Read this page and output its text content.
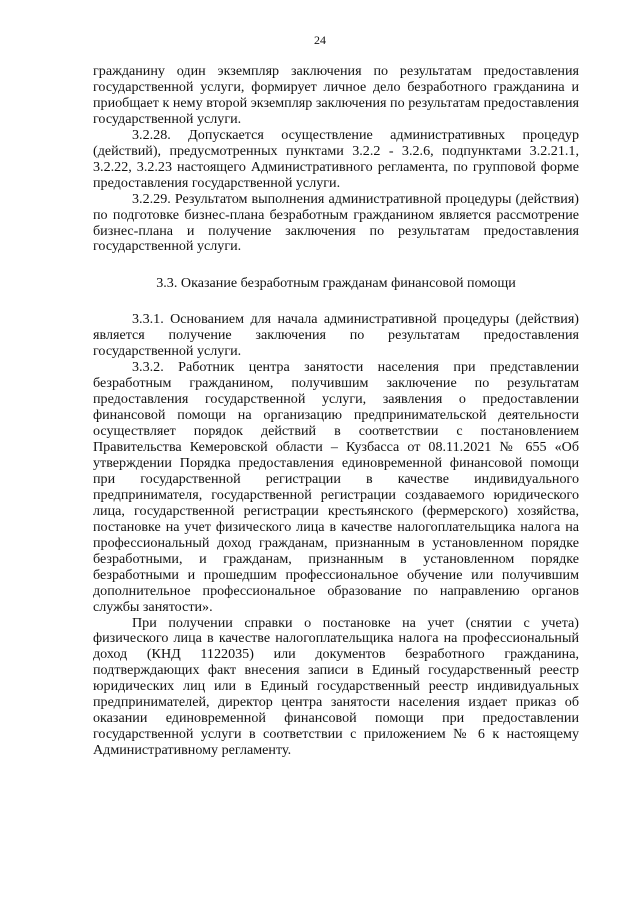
24

гражданину один экземпляр заключения по результатам предоставления государственной услуги, формирует личное дело безработного гражданина и приобщает к нему второй экземпляр заключения по результатам предоставления государственной услуги.

3.2.28. Допускается осуществление административных процедур (действий), предусмотренных пунктами 3.2.2 - 3.2.6, подпунктами 3.2.21.1, 3.2.22, 3.2.23 настоящего Административного регламента, по групповой форме предоставления государственной услуги.

3.2.29. Результатом выполнения административной процедуры (действия) по подготовке бизнес-плана безработным гражданином является рассмотрение бизнес-плана и получение заключения по результатам предоставления государственной услуги.

3.3. Оказание безработным гражданам финансовой помощи

3.3.1. Основанием для начала административной процедуры (действия) является получение заключения по результатам предоставления государственной услуги.

3.3.2. Работник центра занятости населения при представлении безработным гражданином, получившим заключение по результатам предоставления государственной услуги, заявления о предоставлении финансовой помощи на организацию предпринимательской деятельности осуществляет порядок действий в соответствии с постановлением Правительства Кемеровской области – Кузбасса от 08.11.2021 № 655 «Об утверждении Порядка предоставления единовременной финансовой помощи при государственной регистрации в качестве индивидуального предпринимателя, государственной регистрации создаваемого юридического лица, государственной регистрации крестьянского (фермерского) хозяйства, постановке на учет физического лица в качестве налогоплательщика налога на профессиональный доход гражданам, признанным в установленном порядке безработными, и гражданам, признанным в установленном порядке безработными и прошедшим профессиональное обучение или получившим дополнительное профессиональное образование по направлению органов службы занятости».

При получении справки о постановке на учет (снятии с учета) физического лица в качестве налогоплательщика налога на профессиональный доход (КНД 1122035) или документов безработного гражданина, подтверждающих факт внесения записи в Единый государственный реестр юридических лиц или в Единый государственный реестр индивидуальных предпринимателей, директор центра занятости населения издает приказ об оказании единовременной финансовой помощи при предоставлении государственной услуги в соответствии с приложением № 6 к настоящему Административному регламенту.
